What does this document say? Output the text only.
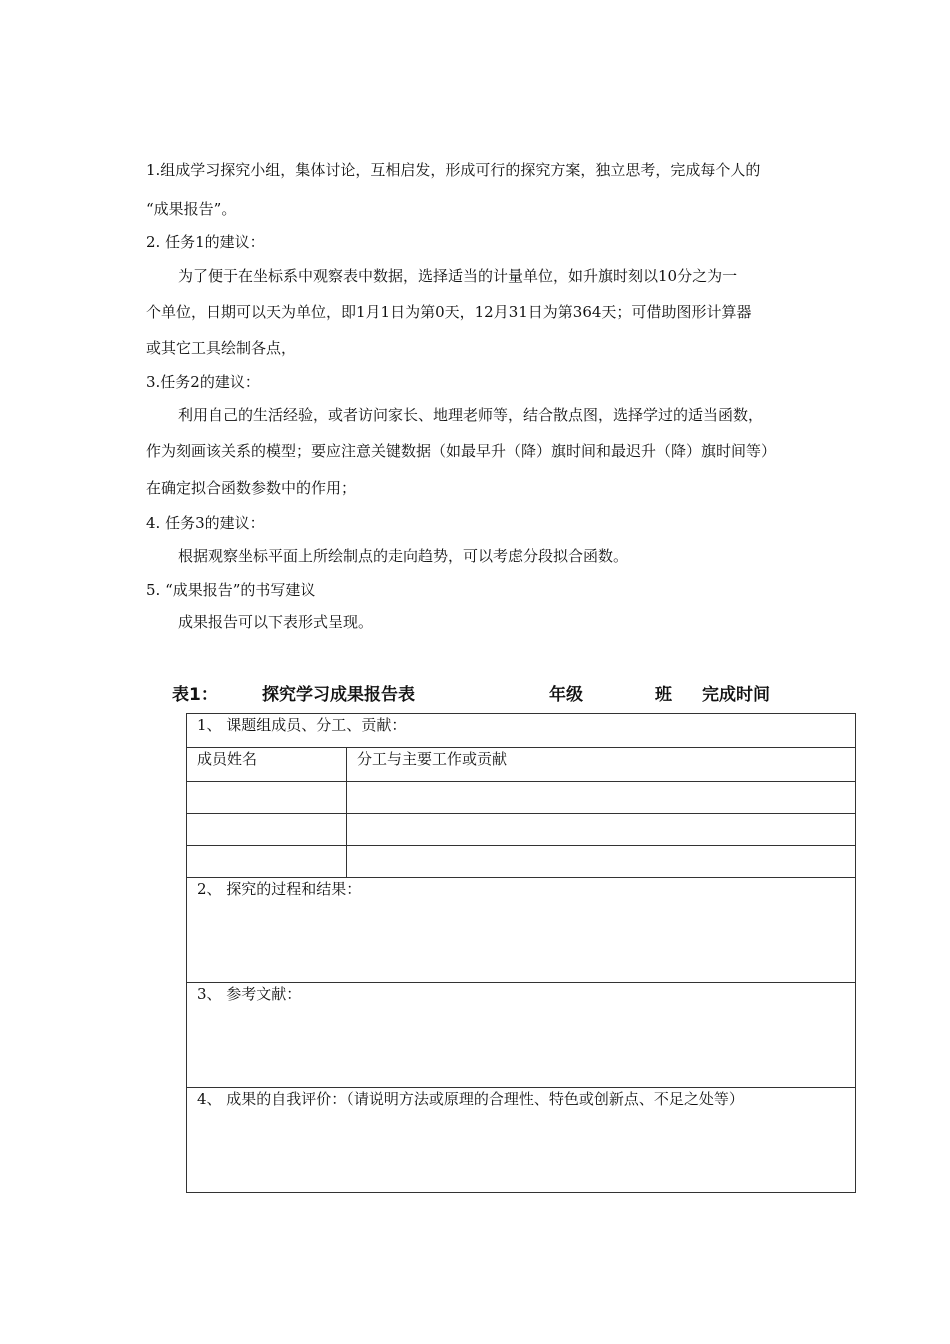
1.组成学习探究小组，集体讨论，互相启发，形成可行的探究方案，独立思考，完成每个人的
“成果报告”。
2. 任务1的建议：
为了便于在坐标系中观察表中数据，选择适当的计量单位，如升旗时刻以10分之为一
个单位，日期可以天为单位，即1月1日为第0天，12月31日为第364天；可借助图形计算器
或其它工具绘制各点，
3.任务2的建议：
利用自己的生活经验，或者访问家长、地理老师等，结合散点图，选择学过的适当函数，
作为刻画该关系的模型；要应注意关键数据（如最早升（降）旗时间和最迟升（降）旗时间等）
在确定拟合函数参数中的作用；
4. 任务3的建议：
根据观察坐标平面上所绘制点的走向趋势，可以考虑分段拟合函数。
5. “成果报告”的书写建议
成果报告可以下表形式呈现。
表1：	探究学习成果报告表	年级	班 完成时间
1、 课题组成员、分工、贡献：	
成员姓名	分工与主要工作或贡献

2、 探究的过程和结果：	
3、 参考文献：	
4、 成果的自我评价：（请说明方法或原理的合理性、特色或创新点、不足之处等）	
